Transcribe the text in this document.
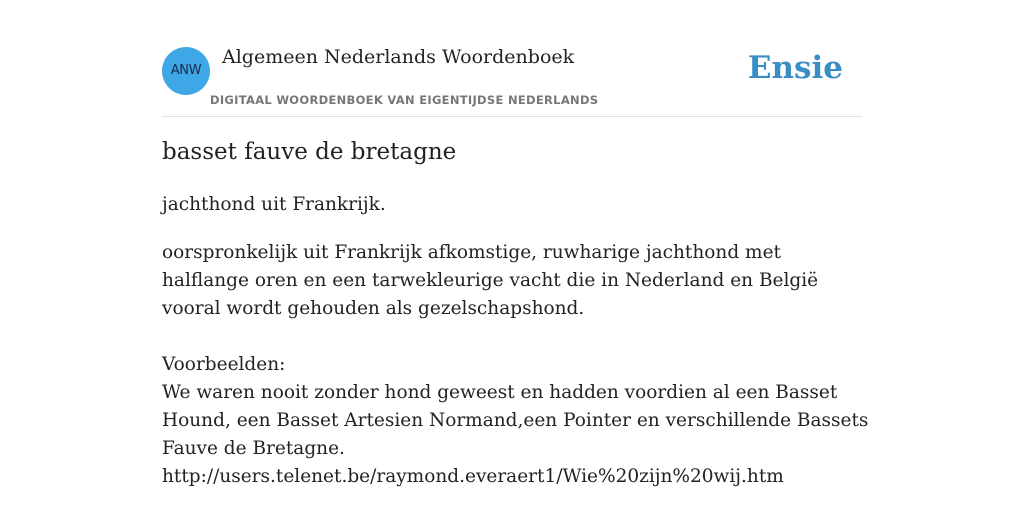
ANW
Algemeen Nederlands Woordenboek
DIGITAAL WOORDENBOEK VAN EIGENTIJDSE NEDERLANDS
Ensie
basset fauve de bretagne
jachthond uit Frankrijk.

oorspronkelijk uit Frankrijk afkomstige, ruwharige jachthond met halflange oren en een tarwekleurige vacht die in Nederland en België vooral wordt gehouden als gezelschapshond.

Voorbeelden:
We waren nooit zonder hond geweest en hadden voordien al een Basset Hound, een Basset Artesien Normand,een Pointer en verschillende Bassets Fauve de Bretagne.
http://users.telenet.be/raymond.everaert1/Wie%20zijn%20wij.htm
